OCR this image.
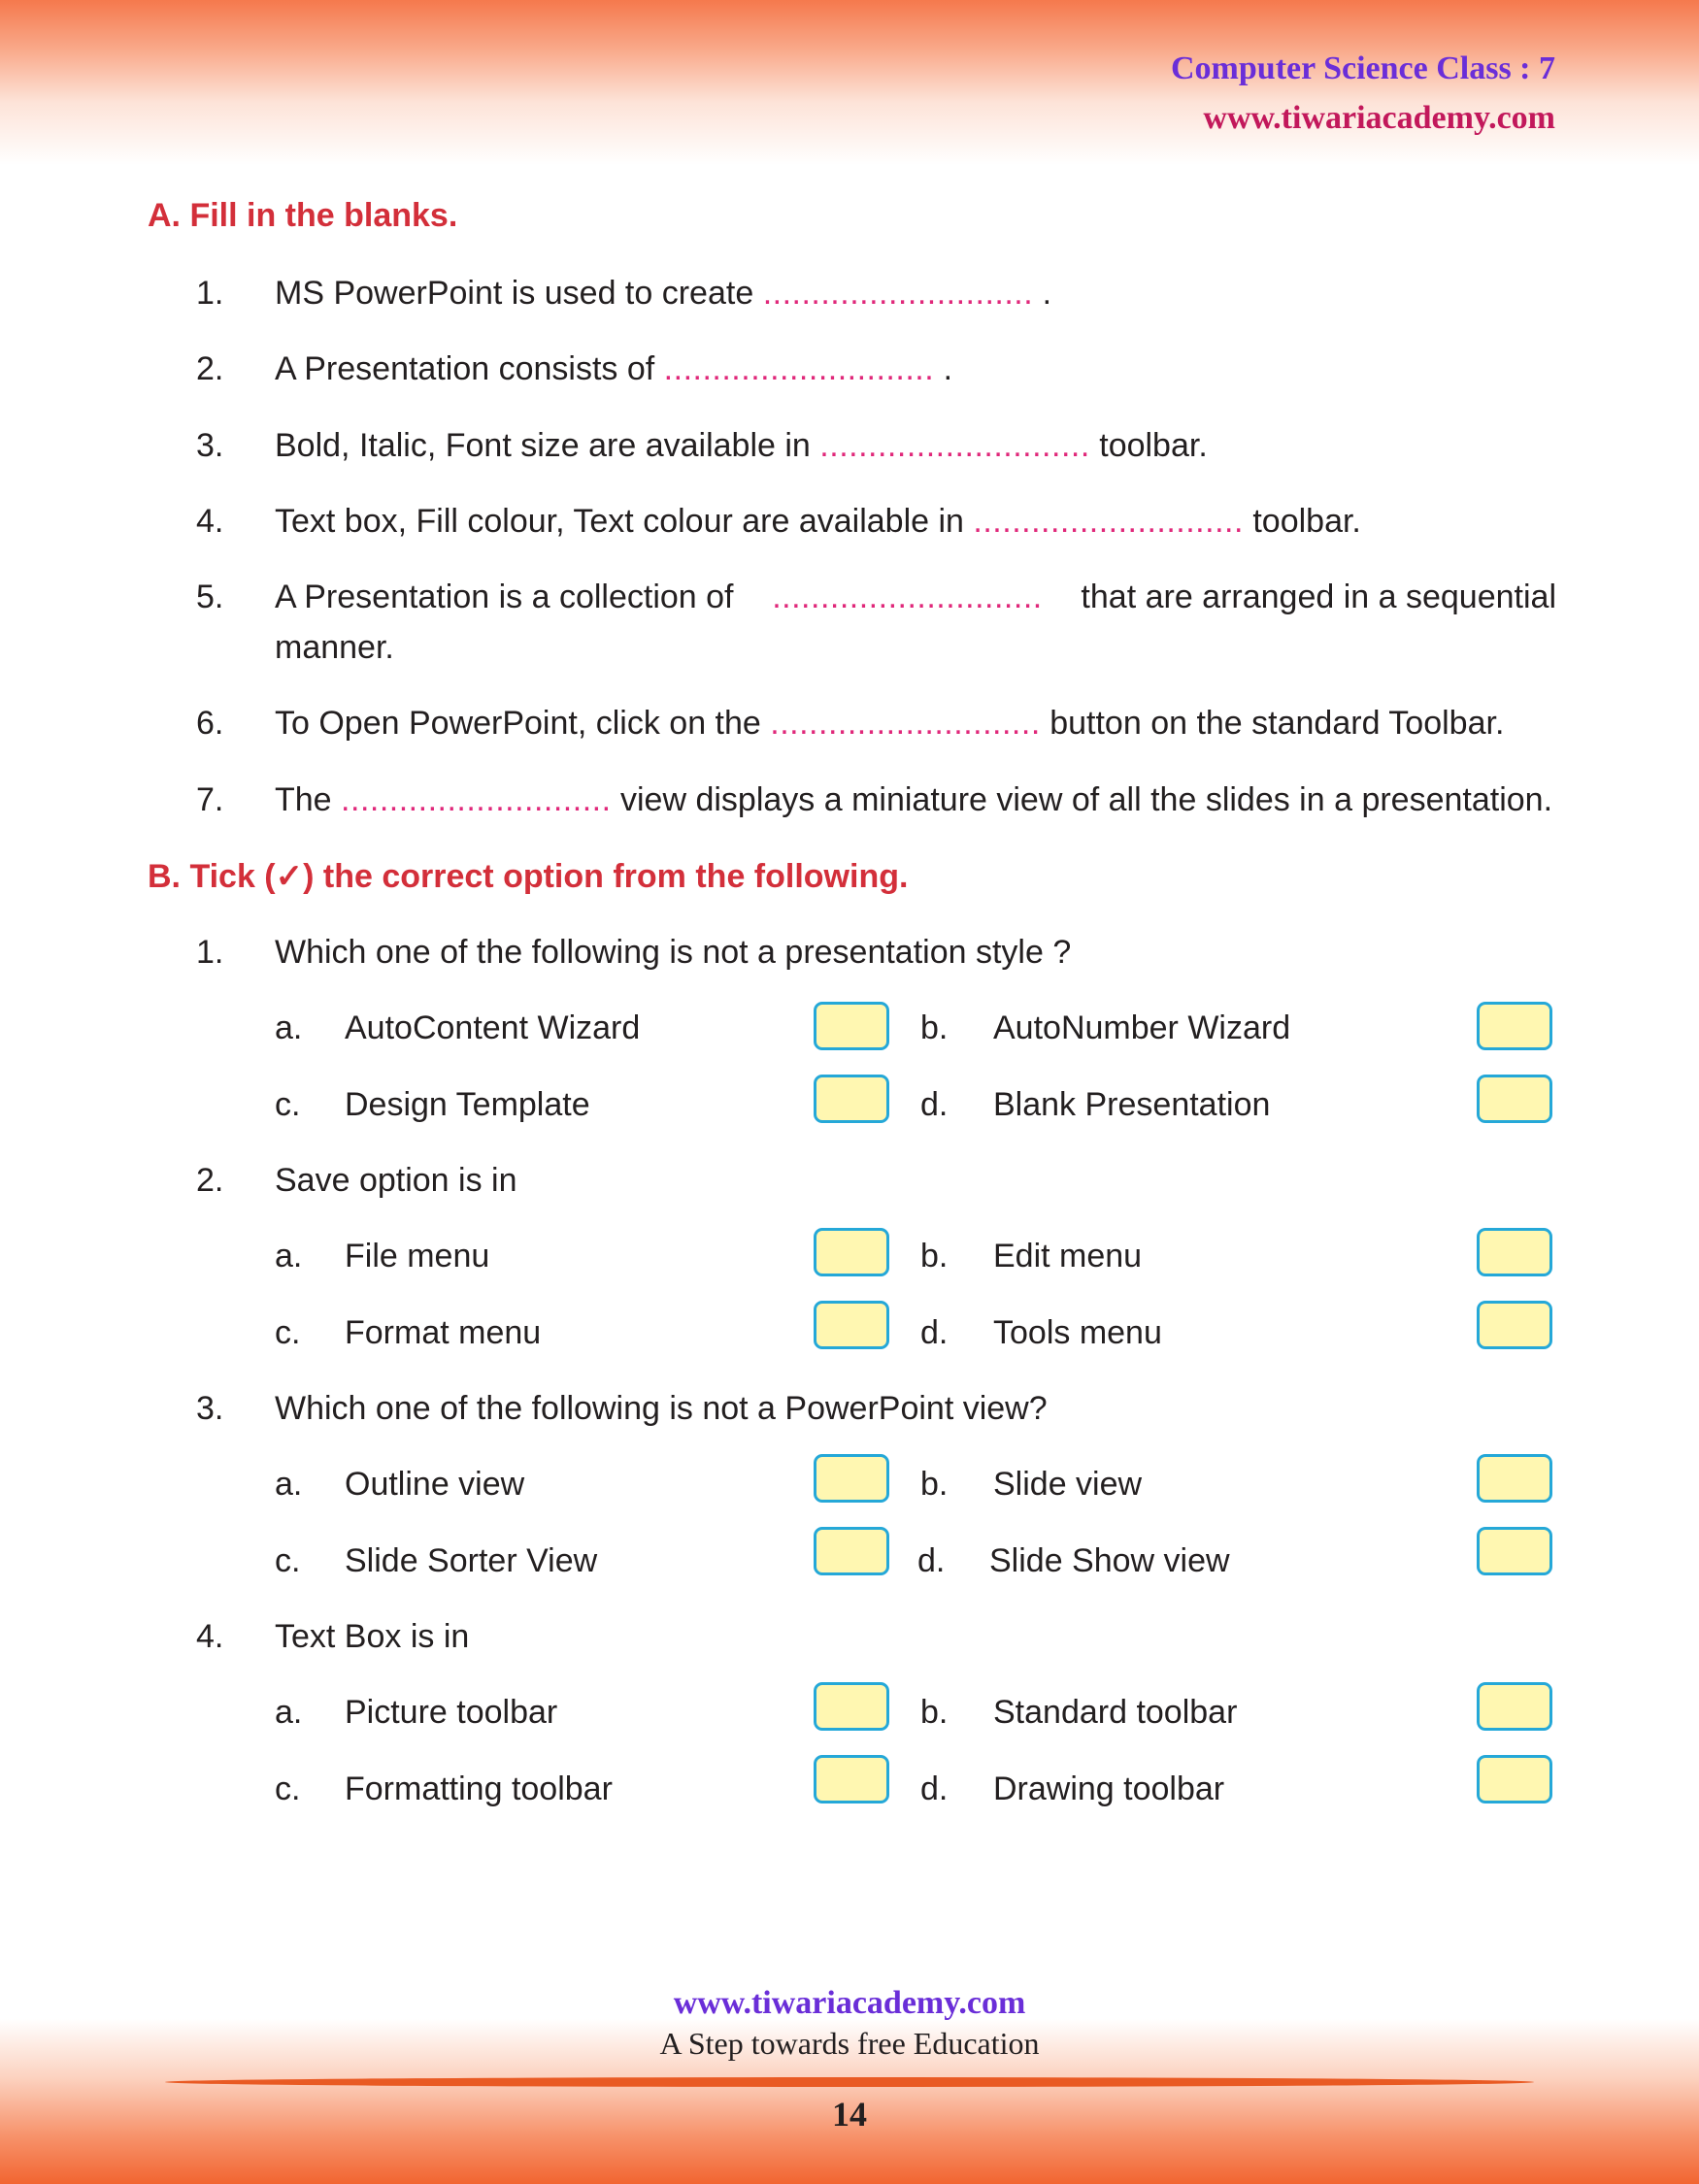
Computer Science Class : 7
www.tiwariacademy.com
A. Fill in the blanks.
1. MS PowerPoint is used to create ............................ .
2. A Presentation consists of ............................ .
3. Bold, Italic, Font size are available in ............................ toolbar.
4. Text box, Fill colour, Text colour are available in ............................ toolbar.
5. A Presentation is a collection of ............................ that are arranged in a sequential
manner.
6. To Open PowerPoint, click on the ............................ button on the standard Toolbar.
7. The ............................ view displays a miniature view of all the slides in a presentation.
B. Tick (✓) the correct option from the following.
1. Which one of the following is not a presentation style ?
a. AutoContent Wizard	b. AutoNumber Wizard
c. Design Template	d. Blank Presentation
2. Save option is in
a. File menu	b. Edit menu
c. Format menu	d. Tools menu
3. Which one of the following is not a PowerPoint view?
a. Outline view	b. Slide view
c. Slide Sorter View	d. Slide Show view
4. Text Box is in
a. Picture toolbar	b. Standard toolbar
c. Formatting toolbar	d. Drawing toolbar
www.tiwariacademy.com
A Step towards free Education
14
